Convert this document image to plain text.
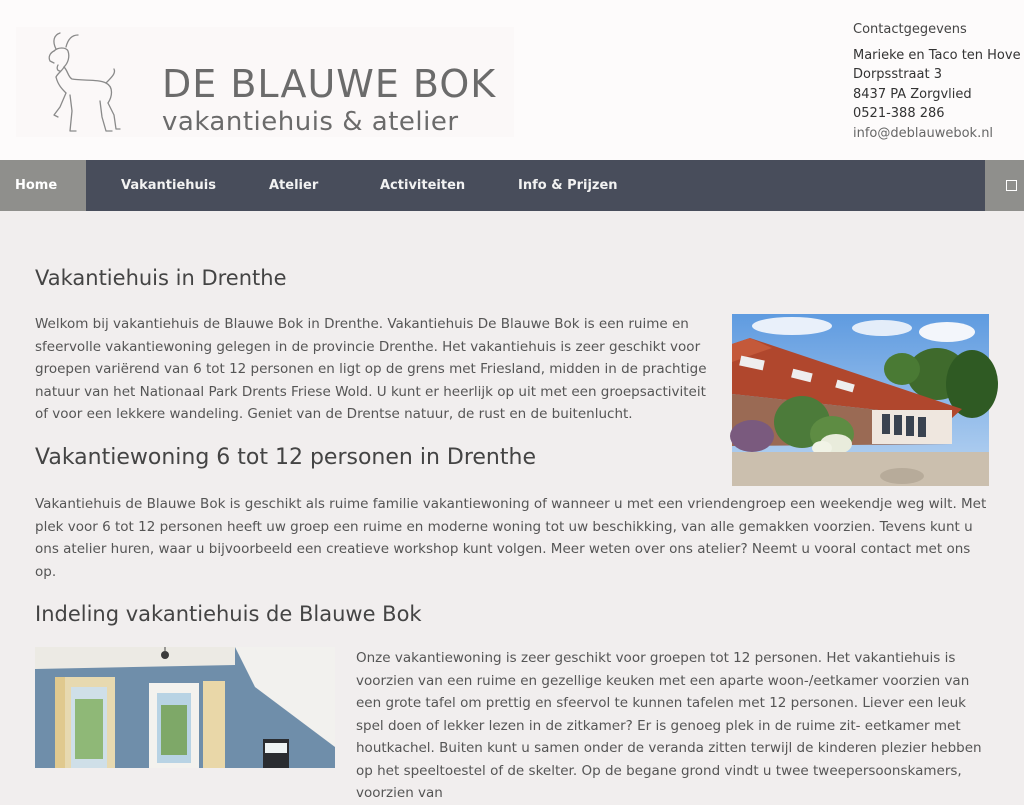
DE BLAUWE BOK
vakantiehuis & atelier
Contactgegevens
Marieke en Taco ten Hove
Dorpsstraat 3
8437 PA Zorgvlied
0521-388 286
info@deblauwebok.nl
Home	Vakantiehuis	Atelier	Activiteiten	Info & Prijzen
Vakantiehuis in Drenthe
Welkom bij vakantiehuis de Blauwe Bok in Drenthe. Vakantiehuis De Blauwe Bok is een ruime en sfeervolle vakantiewoning gelegen in de provincie Drenthe. Het vakantiehuis is zeer geschikt voor groepen variërend van 6 tot 12 personen en ligt op de grens met Friesland, midden in de prachtige natuur van het Nationaal Park Drents Friese Wold. U kunt er heerlijk op uit met een groepsactiviteit of voor een lekkere wandeling. Geniet van de Drentse natuur, de rust en de buitenlucht.
Vakantiewoning 6 tot 12 personen in Drenthe
Vakantiehuis de Blauwe Bok is geschikt als ruime familie vakantiewoning of wanneer u met een vriendengroep een weekendje weg wilt. Met plek voor 6 tot 12 personen heeft uw groep een ruime en moderne woning tot uw beschikking, van alle gemakken voorzien. Tevens kunt u ons atelier huren, waar u bijvoorbeeld een creatieve workshop kunt volgen. Meer weten over ons atelier? Neemt u vooral contact met ons op.
Indeling vakantiehuis de Blauwe Bok
Onze vakantiewoning is zeer geschikt voor groepen tot 12 personen. Het vakantiehuis is voorzien van een ruime en gezellige keuken met een aparte woon-/eetkamer voorzien van een grote tafel om prettig en sfeervol te kunnen tafelen met 12 personen. Liever een leuk spel doen of lekker lezen in de zitkamer? Er is genoeg plek in de ruime zit- eetkamer met houtkachel. Buiten kunt u samen onder de veranda zitten terwijl de kinderen plezier hebben op het speeltoestel of de skelter. Op de begane grond vindt u twee tweepersoonskamers, voorzien van
